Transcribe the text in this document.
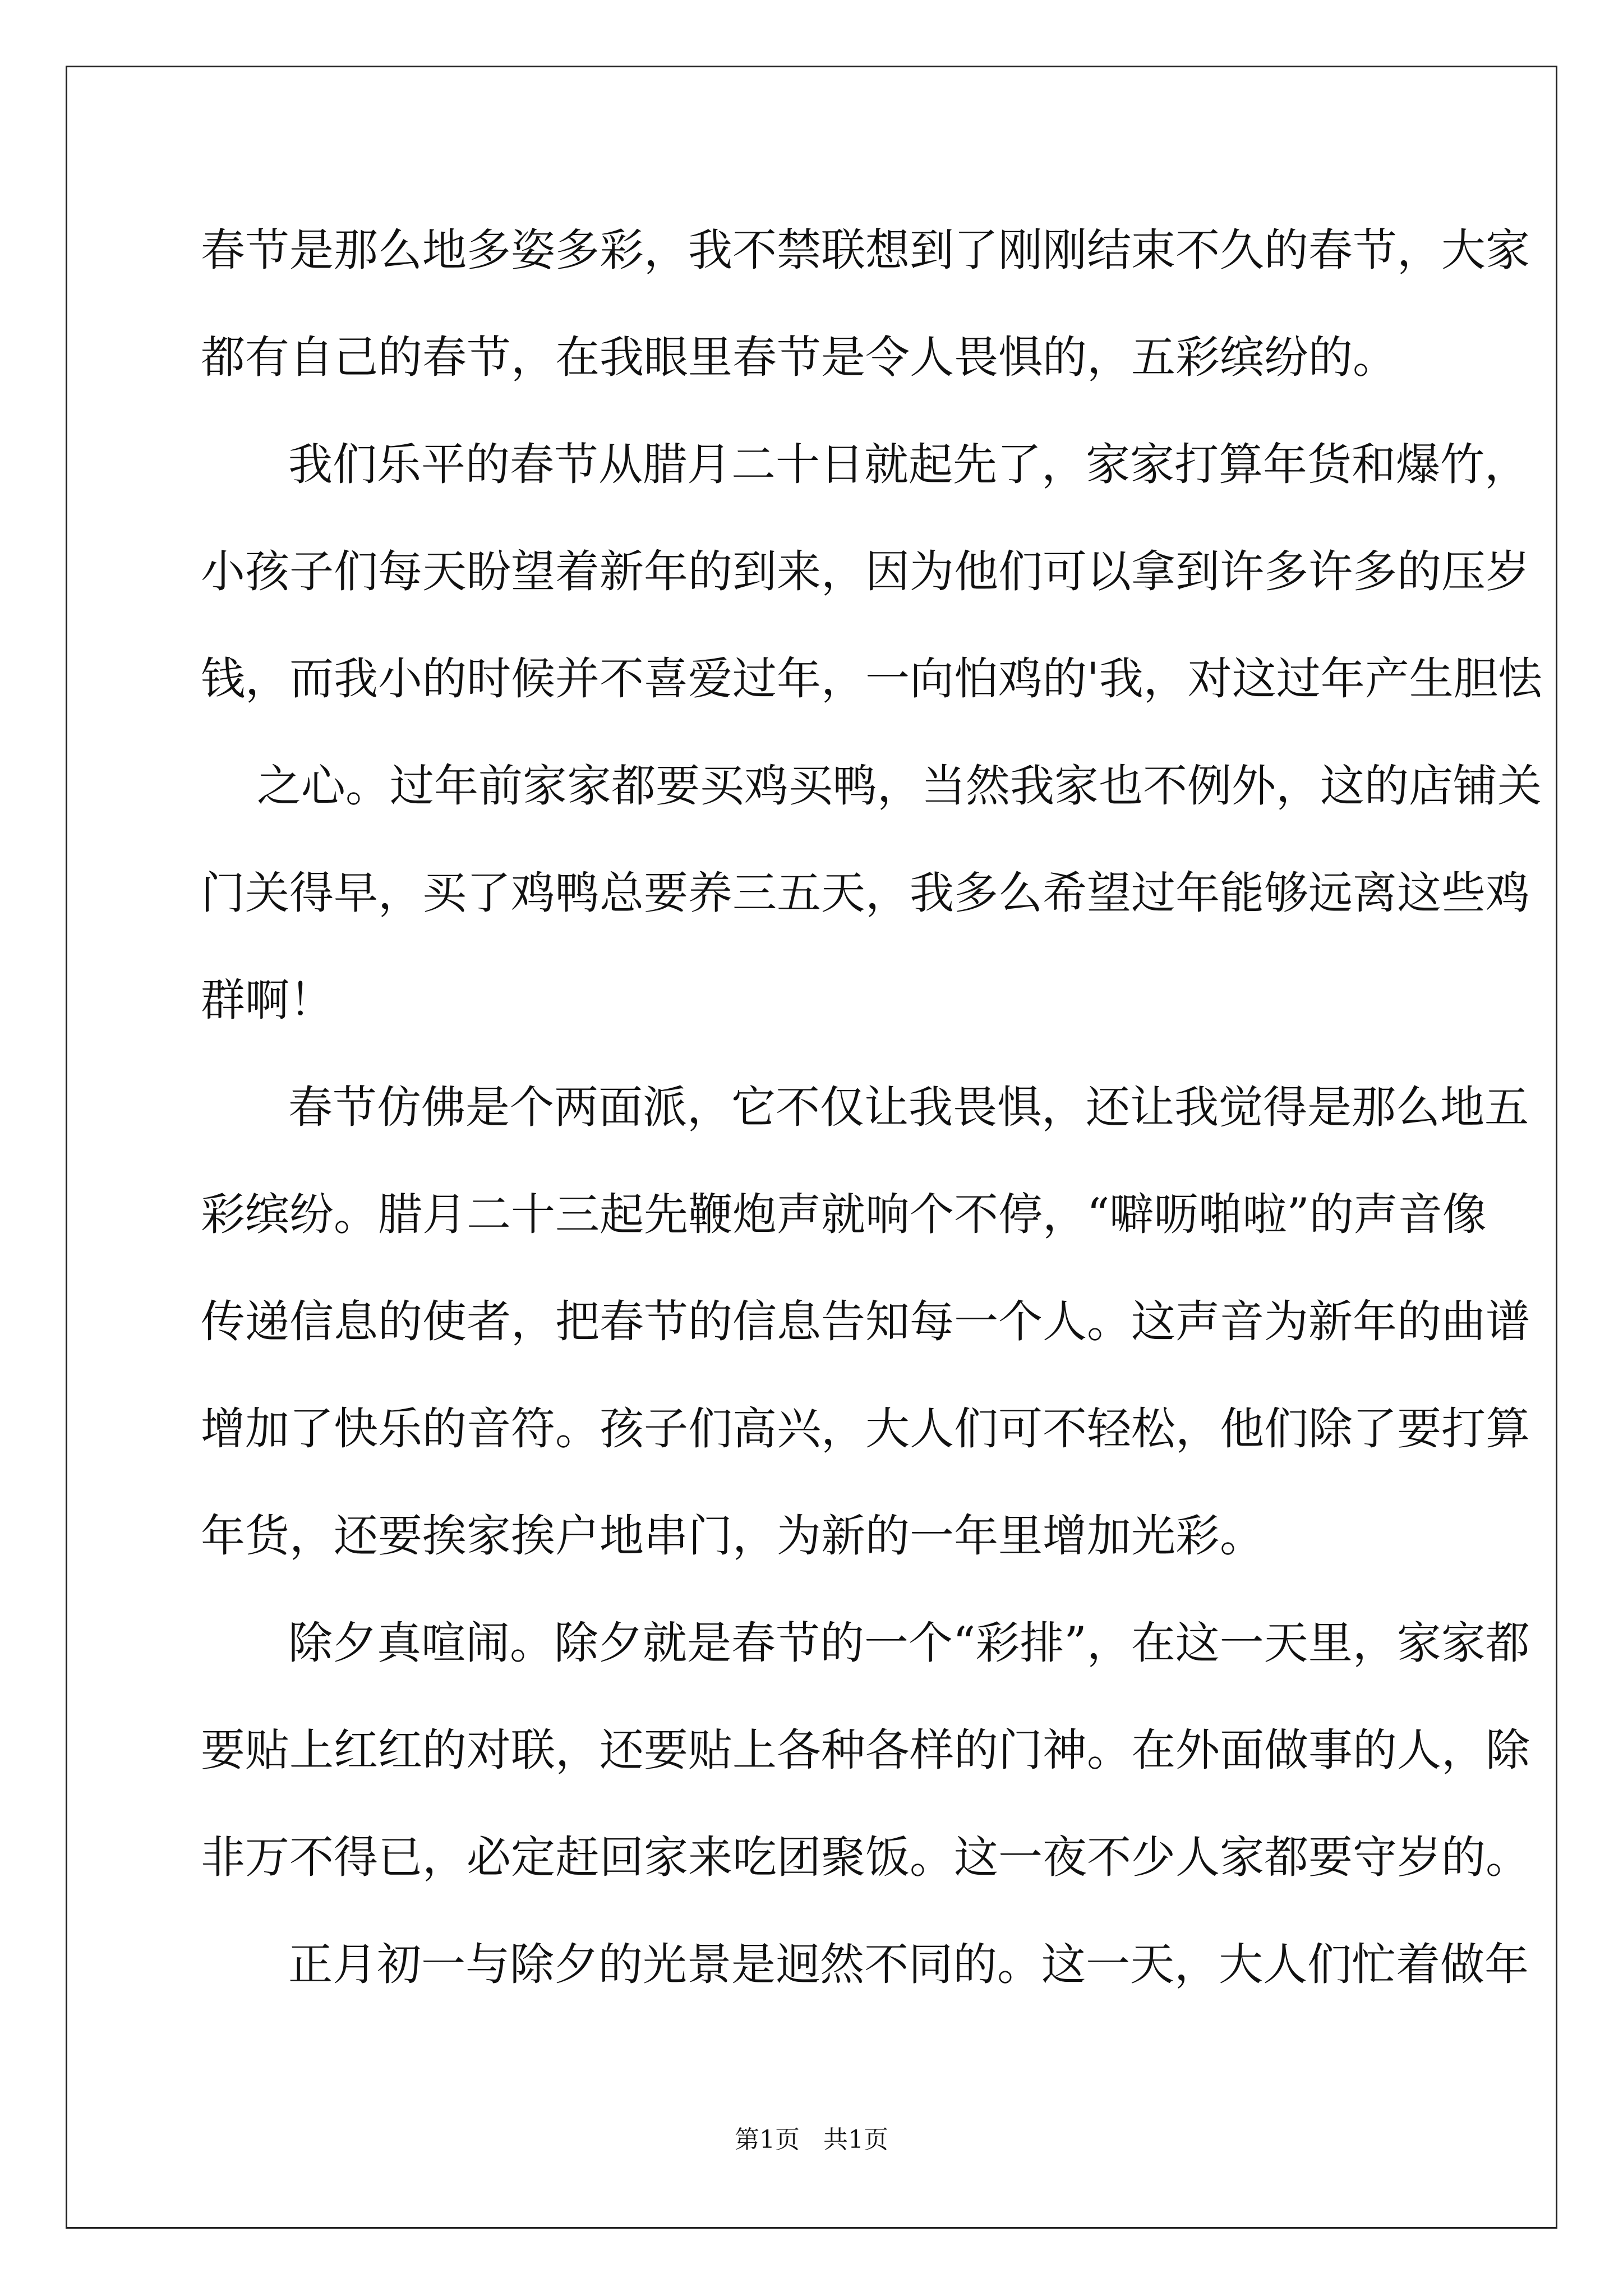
春节是那么地多姿多彩，我不禁联想到了刚刚结束不久的春节，大家

都有自己的春节，在我眼里春节是令人畏惧的，五彩缤纷的。

我们乐平的春节从腊月二十日就起先了，家家打算年货和爆竹，

小孩子们每天盼望着新年的到来，因为他们可以拿到许多许多的压岁

钱，而我小的时候并不喜爱过年，一向怕鸡的'我，对这过年产生胆怯

之心。过年前家家都要买鸡买鸭，当然我家也不例外，这的店铺关

门关得早，买了鸡鸭总要养三五天，我多么希望过年能够远离这些鸡

群啊！

春节仿佛是个两面派，它不仅让我畏惧，还让我觉得是那么地五

彩缤纷。腊月二十三起先鞭炮声就响个不停，“噼呖啪啦”的声音像

传递信息的使者，把春节的信息告知每一个人。这声音为新年的曲谱

增加了快乐的音符。孩子们高兴，大人们可不轻松，他们除了要打算

年货，还要挨家挨户地串门，为新的一年里增加光彩。

除夕真喧闹。除夕就是春节的一个“彩排”，在这一天里，家家都

要贴上红红的对联，还要贴上各种各样的门神。在外面做事的人，除

非万不得已，必定赶回家来吃团聚饭。这一夜不少人家都要守岁的。

正月初一与除夕的光景是迥然不同的。这一天，大人们忙着做年

第1页 共1页
